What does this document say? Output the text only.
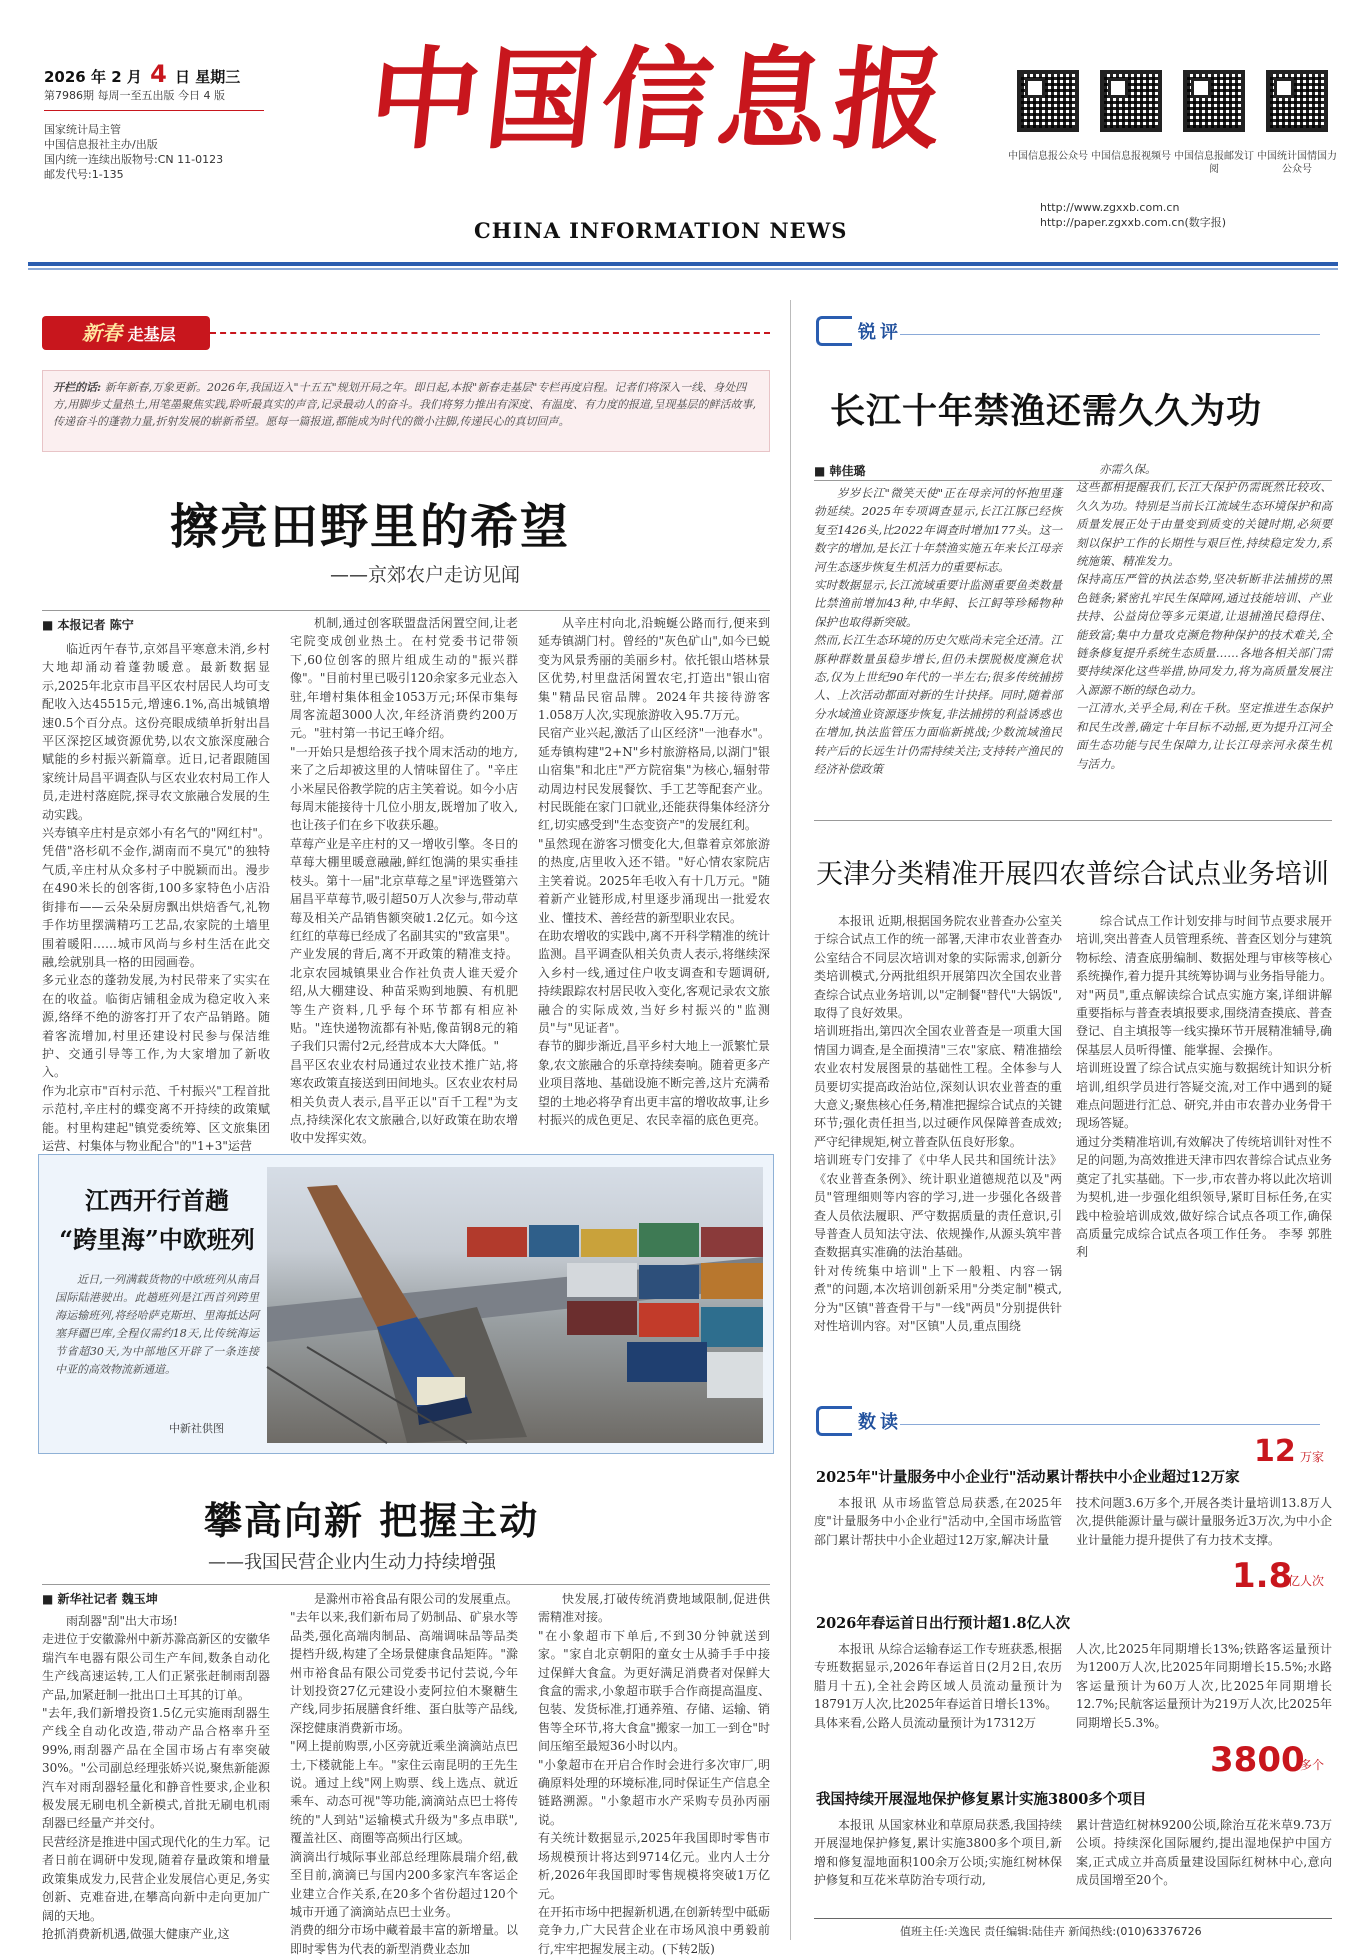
2026 年 2 月 4 日 星期三
第7986期 每周一至五出版 今日 4 版
国家统计局主管
中国信息报社主办/出版
国内统一连续出版物号:CN 11-0123
邮发代号:1-135
中国信息报
CHINA INFORMATION NEWS
中国信息报公众号 中国信息报视频号 中国信息报邮发订阅
中国统计国情国力公众号
http://www.zgxxb.com.cn
http://paper.zgxxb.com.cn(数字报)
新春 走基层
开栏的话: 新年新春,万象更新。2026年,我国迈入"十五五"规划开局之年。即日起,本报"新春走基层"专栏再度启程。记者们将深入一线、身处四方,用脚步丈量热土,用笔墨聚焦实践,聆听最真实的声音,记录最动人的奋斗。我们将努力推出有深度、有温度、有力度的报道,呈现基层的鲜活故事,传递奋斗的蓬勃力量,折射发展的崭新希望。愿每一篇报道,都能成为时代的微小注脚,传递民心的真切回声。
擦亮田野里的希望
——京郊农户走访见闻
■ 本报记者 陈宁
临近丙午春节,京郊昌平寒意未消,乡村大地却涌动着蓬勃暖意。最新数据显示,2025年北京市昌平区农村居民人均可支配收入达45515元,增速6.1%,高出城镇增速0.5个百分点。这份亮眼成绩单折射出昌平区深挖区域资源优势,以农文旅深度融合赋能的乡村振兴新篇章。近日,记者跟随国家统计局昌平调查队与区农业农村局工作人员,走进村落庭院,探寻农文旅融合发展的生动实践。
兴寿镇辛庄村是京郊小有名气的"网红村"。凭借"洛杉矶不金作,湖南而不臭冗"的独特气质,辛庄村从众多村子中脱颖而出。漫步在490米长的创客街,100多家特色小店沿街排布——云朵朵厨房飘出烘焙香气,礼物手作坊里摆满精巧工艺品,农家院的土墙里围着暖阳……城市风尚与乡村生活在此交融,绘就别具一格的田园画卷。
多元业态的蓬勃发展,为村民带来了实实在在的收益。临街店铺租金成为稳定收入来源,络绎不绝的游客打开了农产品销路。随着客流增加,村里还建设村民参与保洁维护、交通引导等工作,为大家增加了新收入。
作为北京市"百村示范、千村振兴"工程首批示范村,辛庄村的蝶变离不开持续的政策赋能。村里构建起"镇党委统筹、区文旅集团运营、村集体与物业配合"的"1+3"运营
机制,通过创客联盟盘活闲置空间,让老宅院变成创业热土。在村党委书记带领下,60位创客的照片组成生动的"振兴群像"。"目前村里已吸引120余家多元业态入驻,年增村集体租金1053万元;环保市集每周客流超3000人次,年经济消费约200万元。"驻村第一书记王峰介绍。
"一开始只是想给孩子找个周末活动的地方,来了之后却被这里的人情味留住了。"辛庄小米屋民俗教学院的店主笑着说。如今小店每周末能接待十几位小朋友,既增加了收入,也让孩子们在乡下收获乐趣。
草莓产业是辛庄村的又一增收引擎。冬日的草莓大棚里暖意融融,鲜红饱满的果实垂挂枝头。第十一届"北京草莓之星"评选暨第六届昌平草莓节,吸引超50万人次参与,带动草莓及相关产品销售额突破1.2亿元。如今这红红的草莓已经成了名副其实的"致富果"。
产业发展的背后,离不开政策的精准支持。北京农园城镇果业合作社负责人谁天爱介绍,从大棚建设、种苗采购到地膜、有机肥等生产资料,几乎每个环节都有相应补贴。"连快递物流都有补贴,像苗钢8元的箱子我们只需付2元,经营成本大大降低。"
昌平区农业农村局通过农业技术推广站,将寒农政策直接送到田间地头。区农业农村局相关负责人表示,昌平正以"百千工程"为支点,持续深化农文旅融合,以好政策在助农增收中发挥实效。
从辛庄村向北,沿蜿蜒公路而行,便来到延寿镇湖门村。曾经的"灰色矿山",如今已蜕变为风景秀丽的美丽乡村。依托银山塔林景区优势,村里盘活闲置农宅,打造出"银山宿集"精品民宿品牌。2024年共接待游客1.058万人次,实现旅游收入95.7万元。
民宿产业兴起,激活了山区经济"一池春水"。延寿镇构建"2+N"乡村旅游格局,以湖门"银山宿集"和北庄"严方院宿集"为核心,辐射带动周边村民发展餐饮、手工艺等配套产业。村民既能在家门口就业,还能获得集体经济分红,切实感受到"生态变资产"的发展红利。
"虽然现在游客习惯变化大,但靠着京郊旅游的热度,店里收入还不错。"好心情农家院店主笑着说。2025年毛收入有十几万元。"随着新产业链形成,村里逐步涌现出一批爱农业、懂技术、善经营的新型职业农民。
在助农增收的实践中,离不开科学精准的统计监测。昌平调查队相关负责人表示,将继续深入乡村一线,通过住户收支调查和专题调研,持续跟踪农村居民收入变化,客观记录农文旅融合的实际成效,当好乡村振兴的"监测员"与"见证者"。
春节的脚步渐近,昌平乡村大地上一派繁忙景象,农文旅融合的乐章持续奏响。随着更多产业项目落地、基础设施不断完善,这片充满希望的土地必将孕育出更丰富的增收故事,让乡村振兴的成色更足、农民幸福的底色更亮。
江西开行首趟
“跨里海”中欧班列
近日,一列满载货物的中欧班列从南昌国际陆港驶出。此趟班列是江西首列跨里海运输班列,将经哈萨克斯坦、里海抵达阿塞拜疆巴库,全程仅需约18天,比传统海运节省超30天,为中部地区开辟了一条连接中亚的高效物流新通道。
中新社供图
攀高向新 把握主动
——我国民营企业内生动力持续增强
■ 新华社记者 魏玉坤
雨刮器"刮"出大市场!
走进位于安徽滁州中新苏滁高新区的安徽华瑞汽车电器有限公司生产车间,数条自动化生产线高速运转,工人们正紧张赶制雨刮器产品,加紧赶制一批出口土耳其的订单。
"去年,我们新增投资1.5亿元实施雨刮器生产线全自动化改造,带动产品合格率升至99%,雨刮器产品在全国市场占有率突破30%。"公司副总经理张娇兴说,聚焦新能源汽车对雨刮器轻量化和静音性要求,企业积极发展无刷电机全新模式,首批无刷电机雨刮器已经量产并交付。
民营经济是推进中国式现代化的生力军。记者日前在调研中发现,随着存量政策和增量政策集成发力,民营企业发展信心更足,务实创新、克难奋进,在攀高向新中走向更加广阔的天地。
抢抓消费新机遇,做强大健康产业,这
是滁州市裕食品有限公司的发展重点。
"去年以来,我们新布局了奶制品、矿泉水等品类,强化高端肉制品、高端调味品等品类提档升级,构建了全场景健康食品矩阵。"滁州市裕食品有限公司党委书记付芸说,今年计划投资27亿元建设小麦阿拉伯木聚糖生产线,同步拓展膳食纤维、蛋白肽等产品线,深挖健康消费新市场。
"网上提前购票,小区旁就近乘坐滴滴站点巴士,下楼就能上车。"家住云南昆明的王先生说。通过上线"网上购票、线上选点、就近乘车、动态可视"等功能,滴滴站点巴士将传统的"人到站"运输模式升级为"多点串联",覆盖社区、商圈等高频出行区域。
滴滴出行城际事业部总经理陈晨瑞介绍,截至目前,滴滴已与国内200多家汽车客运企业建立合作关系,在20多个省份超过120个城市开通了滴滴站点巴士业务。
消费的细分市场中藏着最丰富的新增量。以即时零售为代表的新型消费业态加
快发展,打破传统消费地域限制,促进供需精准对接。
"在小象超市下单后,不到30分钟就送到家。"家自北京朝阳的童女士从骑手手中接过保鲜大食盒。为更好满足消费者对保鲜大食盒的需求,小象超市联手合作商提高温度、包装、发货标准,打通养殖、存储、运输、销售等全环节,将大食盒"搬家一加工一到仓"时间压缩至最短36小时以内。
"小象超市在开启合作时会进行多次审厂,明确原料处理的环境标准,同时保证生产信息全链路溯源。"小象超市水产采购专员孙丙丽说。
有关统计数据显示,2025年我国即时零售市场规模预计将达到9714亿元。业内人士分析,2026年我国即时零售规模将突破1万亿元。
在开拓市场中把握新机遇,在创新转型中砥砺竞争力,广大民营企业在市场风浪中勇毅前行,牢牢把握发展主动。(下转2版)
锐评
长江十年禁渔还需久久为功
■ 韩佳璐
岁岁长江"微笑天使"正在母亲河的怀抱里蓬勃延续。2025年专项调查显示,长江江豚已经恢复至1426头,比2022年调查时增加177头。这一数字的增加,是长江十年禁渔实施五年来长江母亲河生态逐步恢复生机活力的重要标志。
实时数据显示,长江流域重要计监测重要鱼类数量比禁渔前增加43种,中华鲟、长江鲟等珍稀物种保护也取得新突破。
然而,长江生态环境的历史欠账尚未完全还清。江豚种群数量虽稳步增长,但仍未摆脱极度濒危状态,仅为上世纪90年代的一半左右;很多传统捕捞人、上次活动都面对新的生计抉择。同时,随着部分水域渔业资源逐步恢复,非法捕捞的利益诱惑也在增加,执法监管压力面临新挑战;少数流域渔民转产后的长远生计仍需持续关注;支持转产渔民的经济补偿政策
亦需久保。
这些都相提醒我们,长江大保护仍需既然比较攻、久久为功。特别是当前长江流域生态环境保护和高质量发展正处于由量变到质变的关键时期,必须要刻以保护工作的长期性与艰巨性,持续稳定发力,系统施策、精准发力。
保持高压严管的执法态势,坚决斩断非法捕捞的黑色链条;紧密扎牢民生保障网,通过技能培训、产业扶持、公益岗位等多元渠道,让退捕渔民稳得住、能致富;集中力量攻克濒危物种保护的技术难关,全链条修复提升系统生态质量……各地各相关部门需要持续深化这些举措,协同发力,将为高质量发展注入源源不断的绿色动力。
一江清水,关乎全局,利在千秋。坚定推进生态保护和民生改善,确定十年目标不动摇,更为提升江河全面生态功能与民生保障力,让长江母亲河永葆生机与活力。
天津分类精准开展四农普综合试点业务培训
本报讯 近期,根据国务院农业普查办公室关于综合试点工作的统一部署,天津市农业普查办公室结合不同层次培训对象的实际需求,创新分类培训模式,分两批组织开展第四次全国农业普查综合试点业务培训,以"定制餐"替代"大锅饭",取得了良好效果。
培训班指出,第四次全国农业普查是一项重大国情国力调查,是全面摸清"三农"家底、精准描绘农业农村发展图景的基础性工程。全体参与人员要切实提高政治站位,深刻认识农业普查的重大意义;聚焦核心任务,精准把握综合试点的关键环节;强化责任担当,以过硬作风保障普查成效;严守纪律规矩,树立普查队伍良好形象。
培训班专门安排了《中华人民共和国统计法》《农业普查条例》、统计职业道德规范以及"两员"管理细则等内容的学习,进一步强化各级普查人员依法履职、严守数据质量的责任意识,引导普查人员知法守法、依规操作,从源头筑牢普查数据真实准确的法治基础。
针对传统集中培训"上下一般粗、内容一锅煮"的问题,本次培训创新采用"分类定制"模式,分为"区镇"普查骨干与"一线"两员"分别提供针对性培训内容。对"区镇"人员,重点围绕
综合试点工作计划安排与时间节点要求展开培训,突出普查人员管理系统、普查区划分与建筑物标绘、清查底册编制、数据处理与审核等核心系统操作,着力提升其统筹协调与业务指导能力。对"两员",重点解读综合试点实施方案,详细讲解重要指标与普查表填报要求,围绕清查摸底、普查登记、自主填报等一线实操环节开展精准辅导,确保基层人员听得懂、能掌握、会操作。
培训班设置了综合试点实施与数据统计知识分析培训,组织学员进行答疑交流,对工作中遇到的疑难点问题进行汇总、研究,并由市农普办业务骨干现场答疑。
通过分类精准培训,有效解决了传统培训针对性不足的问题,为高效推进天津市四农普综合试点业务奠定了扎实基础。下一步,市农普办将以此次培训为契机,进一步强化组织领导,紧盯目标任务,在实践中检验培训成效,做好综合试点各项工作,确保高质量完成综合试点各项工作任务。 李琴 郭胜利
数读
12 万家
2025年"计量服务中小企业行"活动累计帮扶中小企业超过12万家
本报讯 从市场监管总局获悉,在2025年度"计量服务中小企业行"活动中,全国市场监管部门累计帮扶中小企业超过12万家,解决计量
技术问题3.6万多个,开展各类计量培训13.8万人次,提供能源计量与碳计量服务近3万次,为中小企业计量能力提升提供了有力技术支撑。
1.8
亿人次
2026年春运首日出行预计超1.8亿人次
本报讯 从综合运输春运工作专班获悉,根据专班数据显示,2026年春运首日(2月2日,农历腊月十五),全社会跨区域人员流动量预计为18791万人次,比2025年春运首日增长13%。
具体来看,公路人员流动量预计为17312万
人次,比2025年同期增长13%;铁路客运量预计为1200万人次,比2025年同期增长15.5%;水路客运量预计为60万人次,比2025年同期增长12.7%;民航客运量预计为219万人次,比2025年同期增长5.3%。
3800
多个
我国持续开展湿地保护修复累计实施3800多个项目
本报讯 从国家林业和草原局获悉,我国持续开展湿地保护修复,累计实施3800多个项目,新增和修复湿地面积100余万公顷;实施红树林保护修复和互花米草防治专项行动,
累计营造红树林9200公顷,除治互花米草9.73万公顷。持续深化国际履约,提出湿地保护中国方案,正式成立并高质量建设国际红树林中心,意向成员国增至20个。
值班主任:关逸民 责任编辑:陆佳卉 新闻热线:(010)63376726
